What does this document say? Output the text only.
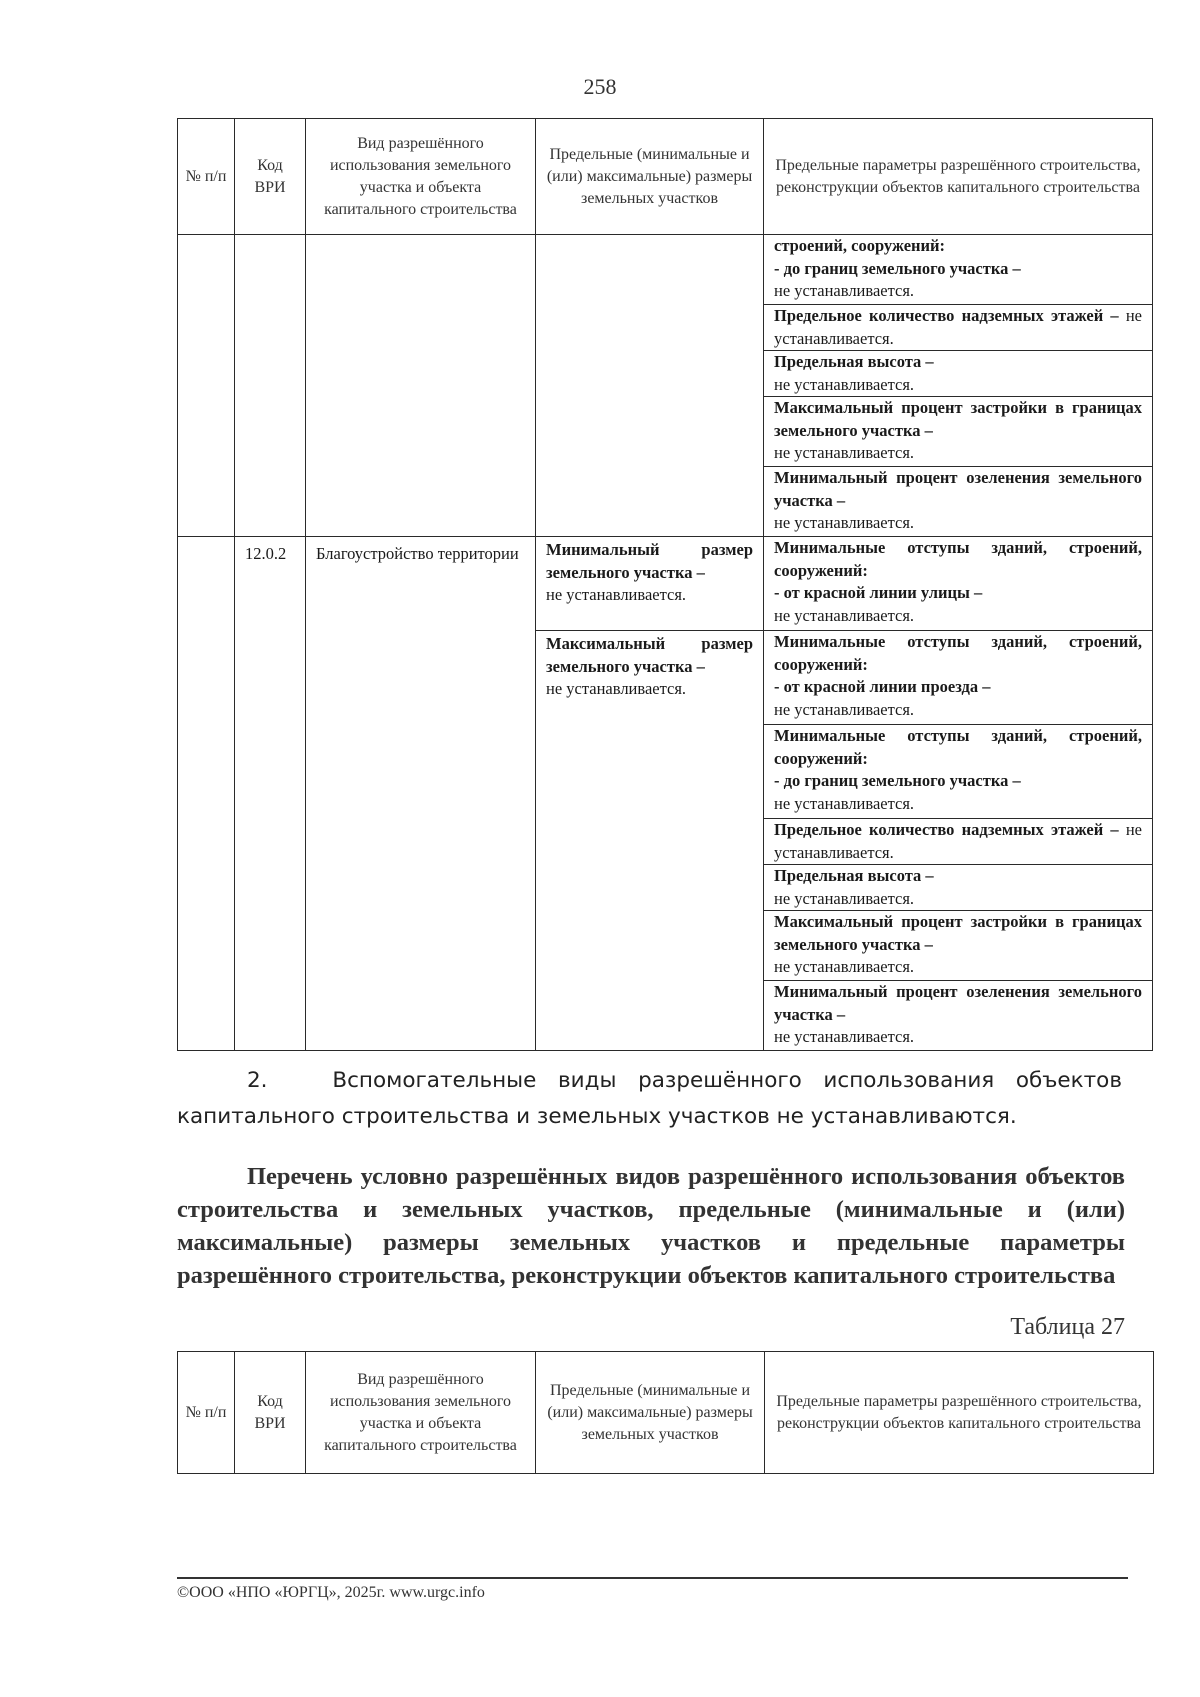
258
№ п/п	Код ВРИ	Вид разрешённого использования земельного участка и объекта капитального строительства	Предельные (минимальные и (или) максимальные) размеры земельных участков	Предельные параметры разрешённого строительства, реконструкции объектов капитального строительства

				строений, сооружений:
- до границ земельного участка –
не устанавливается.

				Предельное количество надземных этажей – не устанавливается.

				Предельная высота –
не устанавливается.

				Максимальный процент застройки в границах земельного участка –
не устанавливается.

				Минимальный процент озеленения земельного участка –
не устанавливается.

	12.0.2	Благоустройство территории	Минимальный размер земельного участка –
не устанавливается.	Минимальные отступы зданий, строений, сооружений:
- от красной линии улицы –
не устанавливается.

			Максимальный размер земельного участка –
не устанавливается.	Минимальные отступы зданий, строений, сооружений:
- от красной линии проезда –
не устанавливается.

				Минимальные отступы зданий, строений, сооружений:
- до границ земельного участка –
не устанавливается.

				Предельное количество надземных этажей – не устанавливается.

				Предельная высота –
не устанавливается.

				Максимальный процент застройки в границах земельного участка –
не устанавливается.

				Минимальный процент озеленения земельного участка –
не устанавливается.
2.	Вспомогательные виды разрешённого использования объектов капитального строительства и земельных участков не устанавливаются.
Перечень условно разрешённых видов разрешённого использования объектов строительства и земельных участков, предельные (минимальные и (или) максимальные) размеры земельных участков и предельные параметры разрешённого строительства, реконструкции объектов капитального строительства
Таблица 27
№ п/п	Код ВРИ	Вид разрешённого использования земельного участка и объекта капитального строительства	Предельные (минимальные и (или) максимальные) размеры земельных участков	Предельные параметры разрешённого строительства, реконструкции объектов капитального строительства
©ООО «НПО «ЮРГЦ», 2025г. www.urgc.info
